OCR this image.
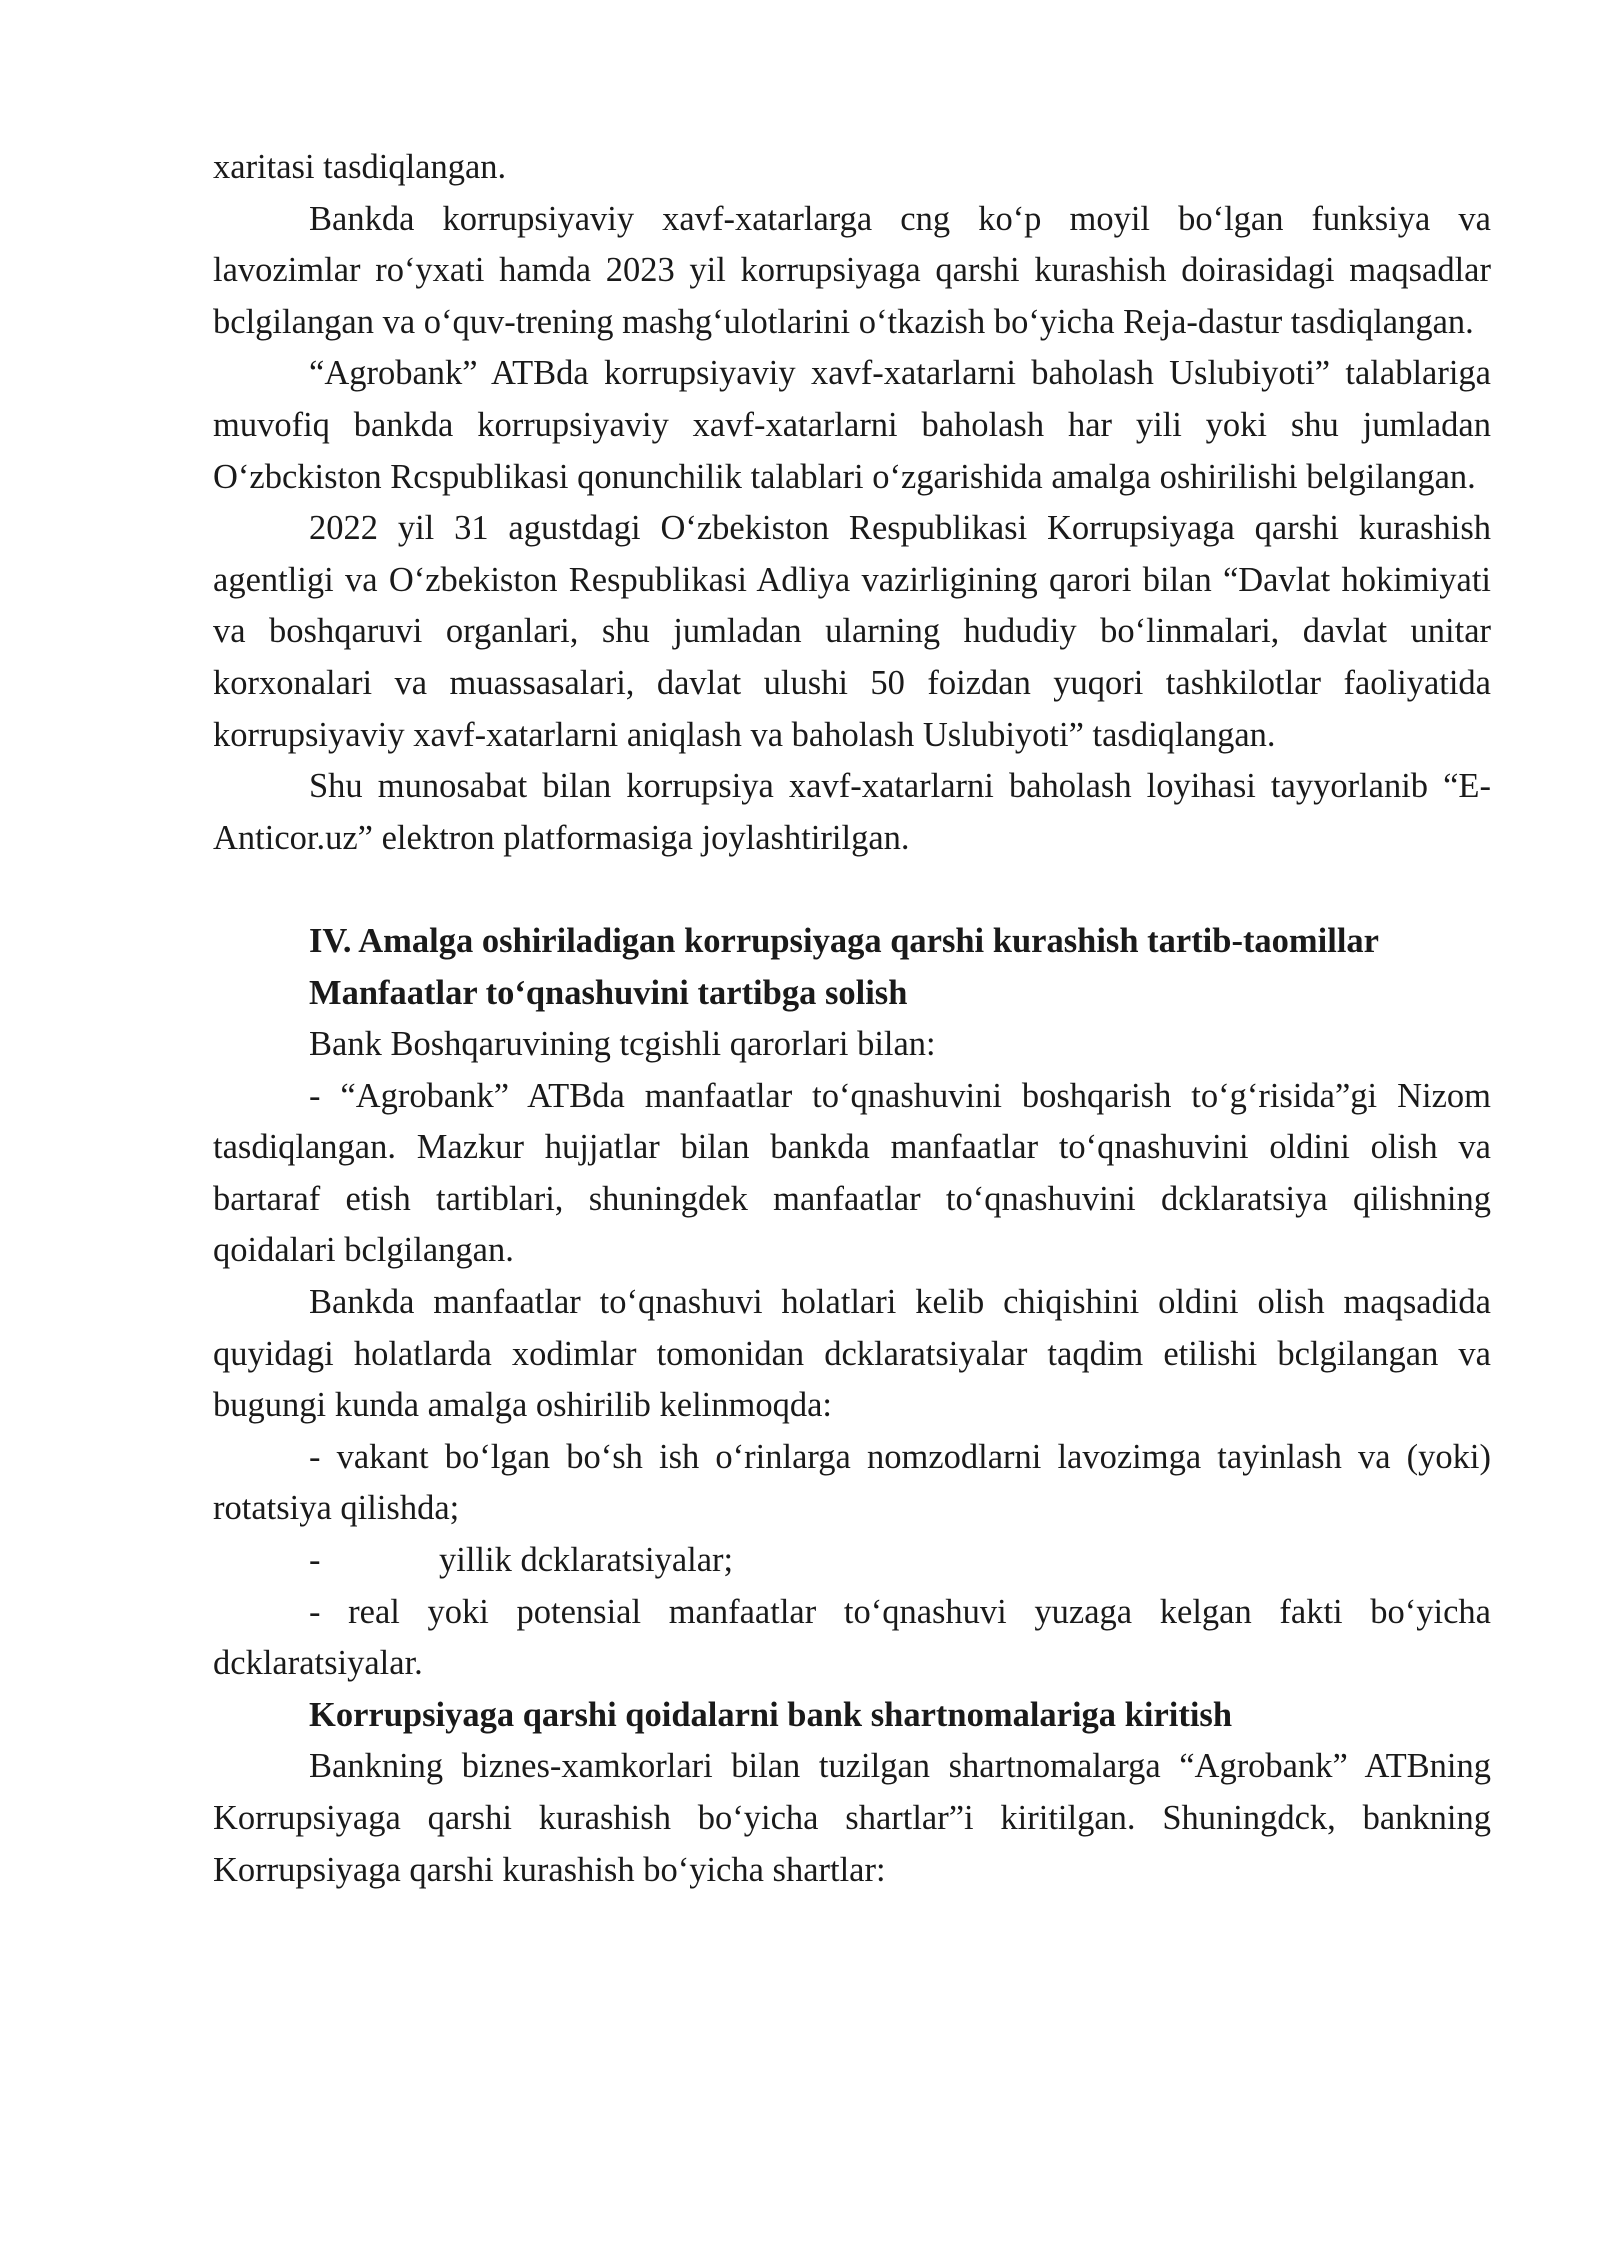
xaritasi tasdiqlangan.

Bankda korrupsiyaviy xavf-xatarlarga cng ko‘p moyil bo‘lgan funksiya va lavozimlar ro‘yxati hamda 2023 yil korrupsiyaga qarshi kurashish doirasidagi maqsadlar bclgilangan va o‘quv-trening mashg‘ulotlarini o‘tkazish bo‘yicha Reja-dastur tasdiqlangan.

“Agrobank” ATBda korrupsiyaviy xavf-xatarlarni baholash Uslubiyoti” talablariga muvofiq bankda korrupsiyaviy xavf-xatarlarni baholash har yili yoki shu jumladan O‘zbckiston Rcspublikasi qonunchilik talablari o‘zgarishida amalga oshirilishi belgilangan.

2022 yil 31 agustdagi O‘zbekiston Respublikasi Korrupsiyaga qarshi kurashish agentligi va O‘zbekiston Respublikasi Adliya vazirligining qarori bilan “Davlat hokimiyati va boshqaruvi organlari, shu jumladan ularning hududiy bo‘linmalari, davlat unitar korxonalari va muassasalari, davlat ulushi 50 foizdan yuqori tashkilotlar faoliyatida korrupsiyaviy xavf-xatarlarni aniqlash va baholash Uslubiyoti” tasdiqlangan.

Shu munosabat bilan korrupsiya xavf-xatarlarni baholash loyihasi tayyorlanib “E-Anticor.uz” elektron platformasiga joylashtirilgan.

IV. Amalga oshiriladigan korrupsiyaga qarshi kurashish tartib-taomillar

Manfaatlar to‘qnashuvini tartibga solish

Bank Boshqaruvining tcgishli qarorlari bilan:

- “Agrobank” ATBda manfaatlar to‘qnashuvini boshqarish to‘g‘risida”gi Nizom tasdiqlangan. Mazkur hujjatlar bilan bankda manfaatlar to‘qnashuvini oldini olish va bartaraf etish tartiblari, shuningdek manfaatlar to‘qnashuvini dcklaratsiya qilishning qoidalari bclgilangan.

Bankda manfaatlar to‘qnashuvi holatlari kelib chiqishini oldini olish maqsadida quyidagi holatlarda xodimlar tomonidan dcklaratsiyalar taqdim etilishi bclgilangan va bugungi kunda amalga oshirilib kelinmoqda:

- vakant bo‘lgan bo‘sh ish o‘rinlarga nomzodlarni lavozimga tayinlash va (yoki) rotatsiya qilishda;

-	yillik dcklaratsiyalar;

- real yoki potensial manfaatlar to‘qnashuvi yuzaga kelgan fakti bo‘yicha dcklaratsiyalar.

Korrupsiyaga qarshi qoidalarni bank shartnomalariga kiritish

Bankning biznes-xamkorlari bilan tuzilgan shartnomalarga “Agrobank” ATBning Korrupsiyaga qarshi kurashish bo‘yicha shartlar”i kiritilgan. Shuningdck, bankning Korrupsiyaga qarshi kurashish bo‘yicha shartlar:
